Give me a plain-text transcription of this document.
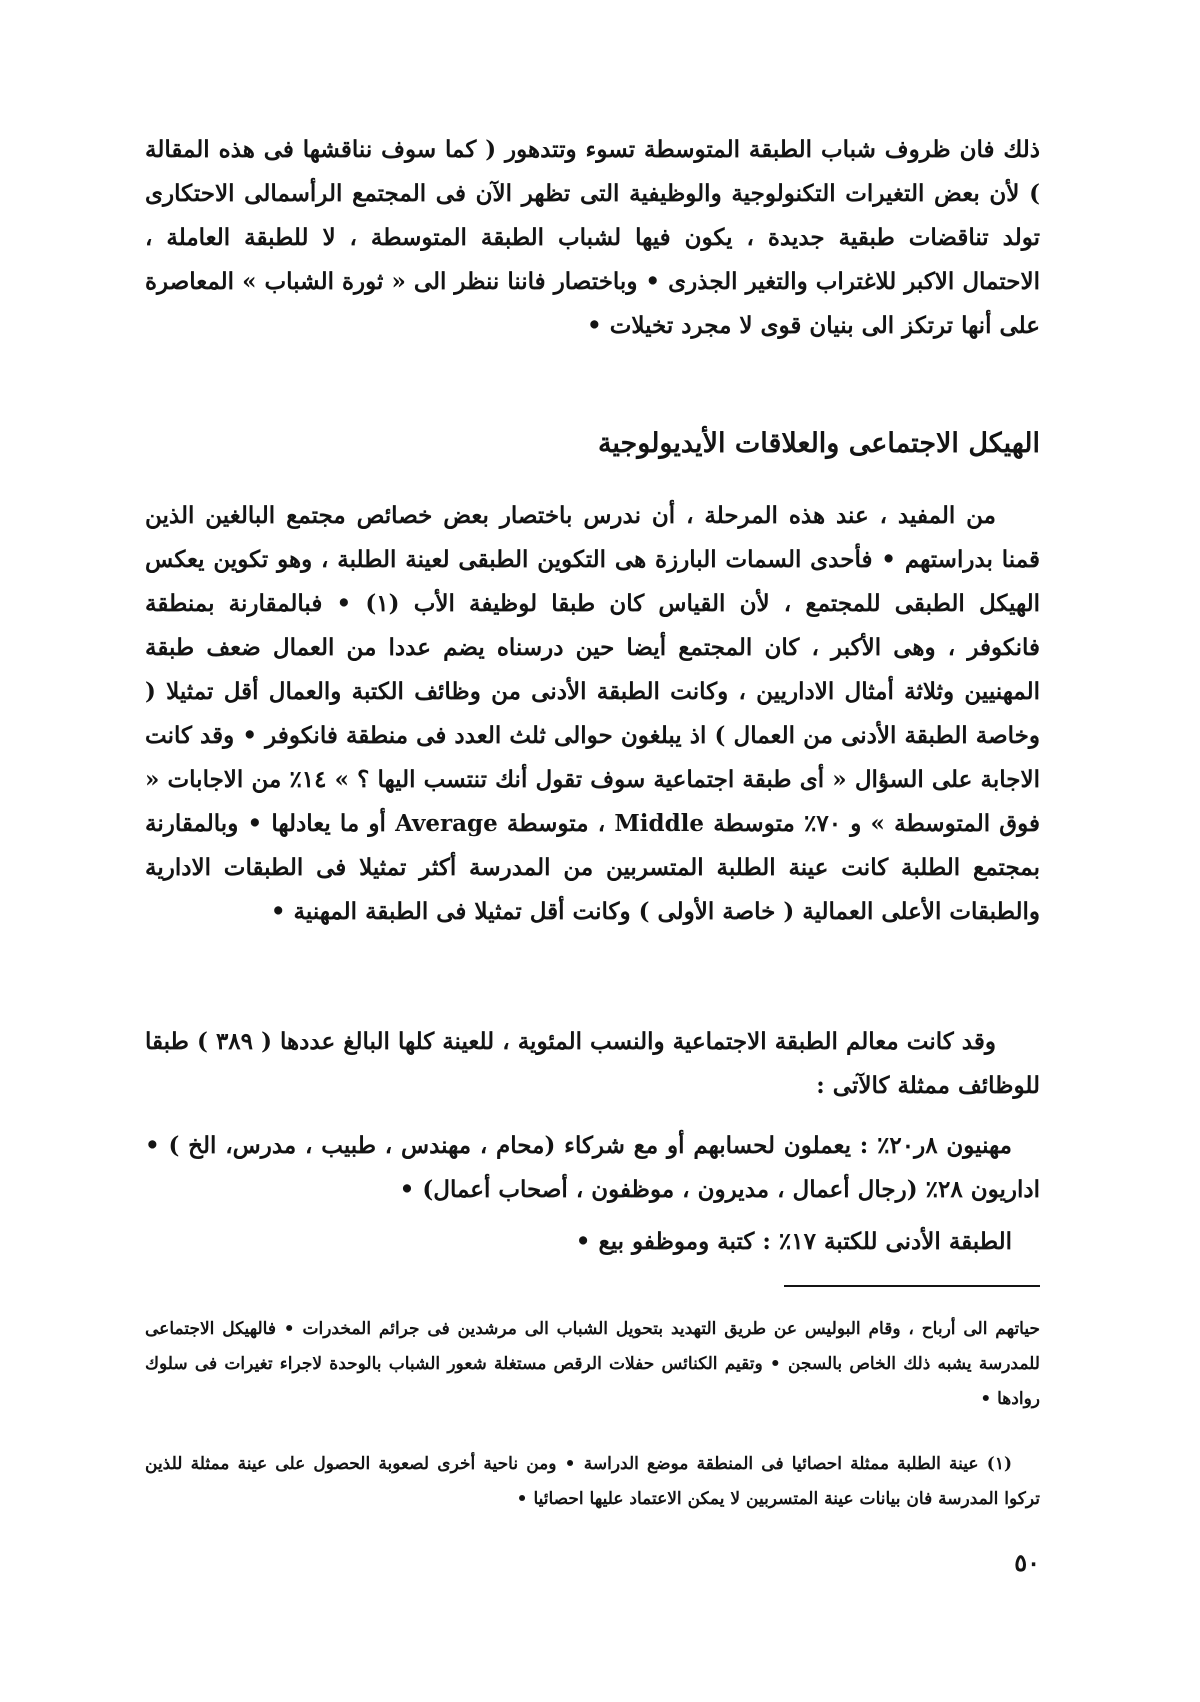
ذلك فان ظروف شباب الطبقة المتوسطة تسوء وتتدهور ( كما سوف نناقشها فى هذه المقالة ) لأن بعض التغيرات التكنولوجية والوظيفية التى تظهر الآن فى المجتمع الرأسمالى الاحتكارى تولد تناقضات طبقية جديدة ، يكون فيها لشباب الطبقة المتوسطة ، لا للطبقة العاملة ، الاحتمال الاكبر للاغتراب والتغير الجذرى • وباختصار فاننا ننظر الى « ثورة الشباب » المعاصرة على أنها ترتكز الى بنيان قوى لا مجرد تخيلات •

الهيكل الاجتماعى والعلاقات الأيديولوجية

من المفيد ، عند هذه المرحلة ، أن ندرس باختصار بعض خصائص مجتمع البالغين الذين قمنا بدراستهم • فأحدى السمات البارزة هى التكوين الطبقى لعينة الطلبة ، وهو تكوين يعكس الهيكل الطبقى للمجتمع ، لأن القياس كان طبقا لوظيفة الأب (١) • فبالمقارنة بمنطقة فانكوفر ، وهى الأكبر ، كان المجتمع أيضا حين درسناه يضم عددا من العمال ضعف طبقة المهنيين وثلاثة أمثال الاداريين ، وكانت الطبقة الأدنى من وظائف الكتبة والعمال أقل تمثيلا ( وخاصة الطبقة الأدنى من العمال ) اذ يبلغون حوالى ثلث العدد فى منطقة فانكوفر • وقد كانت الاجابة على السؤال « أى طبقة اجتماعية سوف تقول أنك تنتسب اليها ؟ » ١٤٪ من الاجابات « فوق المتوسطة » و ٧٠٪ متوسطة Middle ، متوسطة Average أو ما يعادلها • وبالمقارنة بمجتمع الطلبة كانت عينة الطلبة المتسربين من المدرسة أكثر تمثيلا فى الطبقات الادارية والطبقات الأعلى العمالية ( خاصة الأولى ) وكانت أقل تمثيلا فى الطبقة المهنية •

وقد كانت معالم الطبقة الاجتماعية والنسب المئوية ، للعينة كلها البالغ عددها ( ٣٨٩ ) طبقا للوظائف ممثلة كالآتى :

مهنيون ٨ر٢٠٪ : يعملون لحسابهم أو مع شركاء (محام ، مهندس ، طبيب ، مدرس، الخ ) • اداريون ٢٨٪ (رجال أعمال ، مديرون ، موظفون ، أصحاب أعمال) •

الطبقة الأدنى للكتبة ١٧٪ : كتبة وموظفو بيع •

حياتهم الى أرباح ، وقام البوليس عن طريق التهديد بتحويل الشباب الى مرشدين فى جرائم المخدرات • فالهيكل الاجتماعى للمدرسة يشبه ذلك الخاص بالسجن • وتقيم الكنائس حفلات الرقص مستغلة شعور الشباب بالوحدة لاجراء تغيرات فى سلوك روادها •

(١) عينة الطلبة ممثلة احصائيا فى المنطقة موضع الدراسة • ومن ناحية أخرى لصعوبة الحصول على عينة ممثلة للذين تركوا المدرسة فان بيانات عينة المتسربين لا يمكن الاعتماد عليها احصائيا •

٥٠
